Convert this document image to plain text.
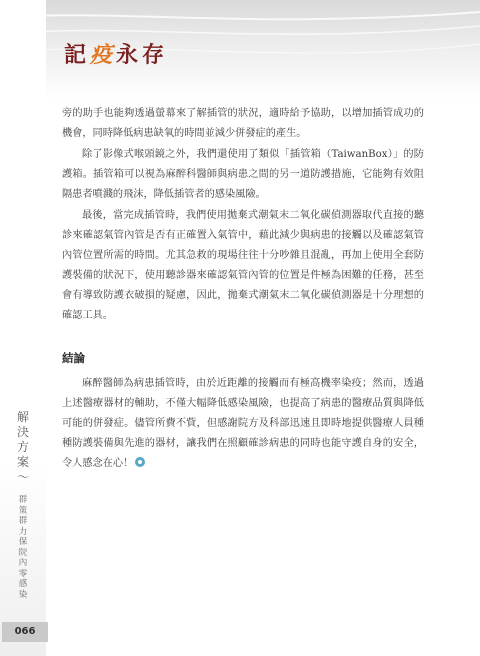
記疫永存
解決方案～
群策群力保院內零感染
066

旁的助手也能夠透過螢幕來了解插管的狀況，適時給予協助，以增加插管成功的機會，同時降低病患缺氧的時間並減少併發症的產生。

除了影像式喉頭鏡之外，我們還使用了類似「插管箱（TaiwanBox）」的防護箱。插管箱可以視為麻醉科醫師與病患之間的另一道防護措施，它能夠有效阻隔患者噴濺的飛沫，降低插管者的感染風險。

最後，當完成插管時，我們使用拋棄式潮氣末二氧化碳偵測器取代直接的聽診來確認氣管內管是否有正確置入氣管中，藉此減少與病患的接觸以及確認氣管內管位置所需的時間。尤其急救的現場往往十分吵雜且混亂，再加上使用全套防護裝備的狀況下，使用聽診器來確認氣管內管的位置是件極為困難的任務，甚至會有導致防護衣破損的疑慮，因此，拋棄式潮氣末二氧化碳偵測器是十分理想的確認工具。

結論

麻醉醫師為病患插管時，由於近距離的接觸而有極高機率染疫；然而，透過上述醫療器材的輔助，不僅大幅降低感染風險，也提高了病患的醫療品質與降低可能的併發症。儘管所費不貲，但感謝院方及科部迅速且即時地提供醫療人員種種防護裝備與先進的器材，讓我們在照顧確診病患的同時也能守護自身的安全，令人感念在心！
